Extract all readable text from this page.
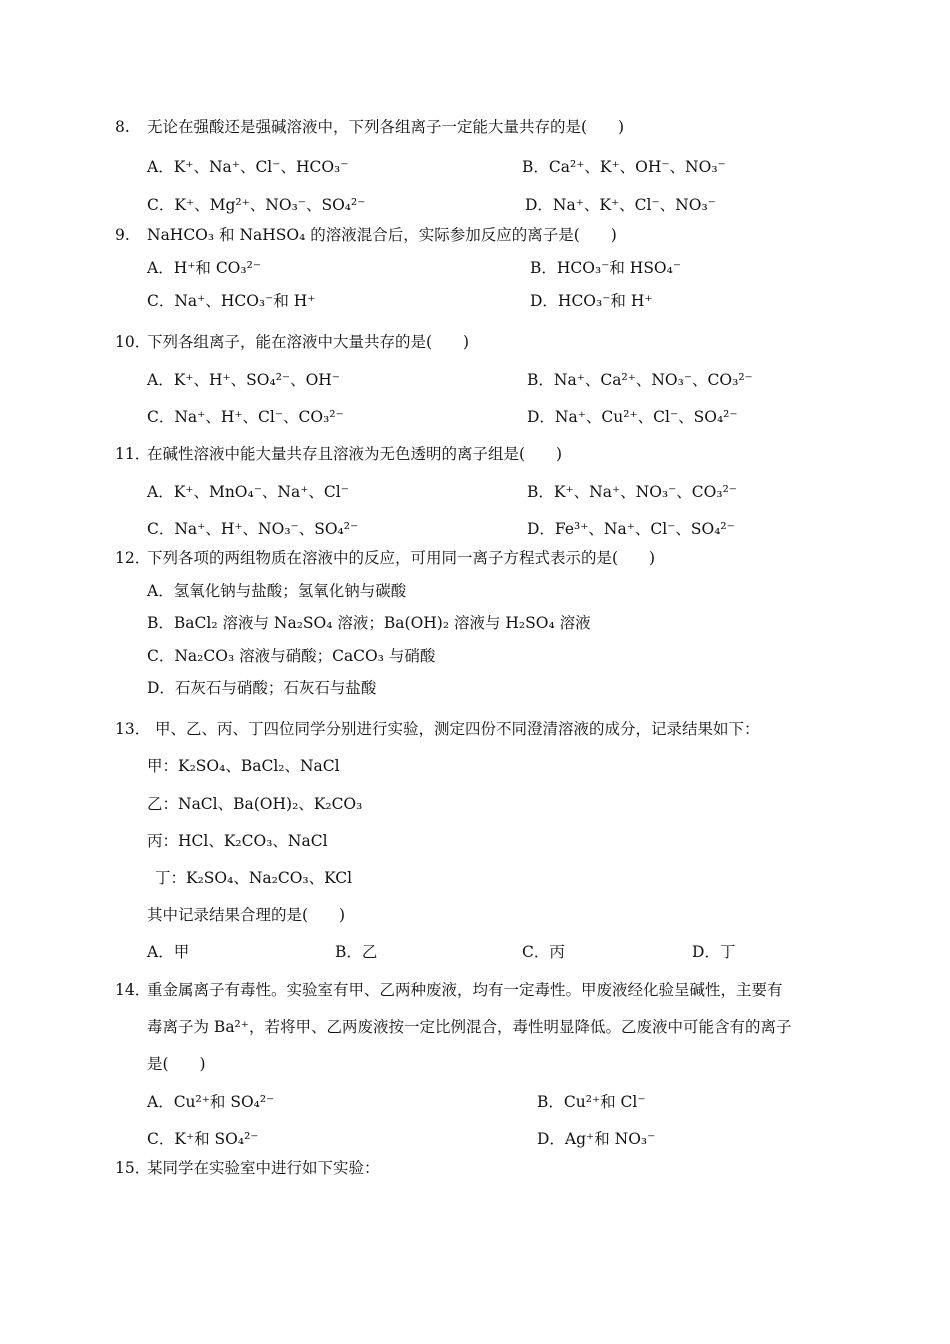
8. 无论在强酸还是强碱溶液中，下列各组离子一定能大量共存的是(　　)
A．K⁺、Na⁺、Cl⁻、HCO₃⁻	B．Ca²⁺、K⁺、OH⁻、NO₃⁻
C．K⁺、Mg²⁺、NO₃⁻、SO₄²⁻	D．Na⁺、K⁺、Cl⁻、NO₃⁻
9. NaHCO₃ 和 NaHSO₄ 的溶液混合后，实际参加反应的离子是(　　)
A．H⁺和 CO₃²⁻	B．HCO₃⁻和 HSO₄⁻
C．Na⁺、HCO₃⁻和 H⁺	D．HCO₃⁻和 H⁺
10．
下列各组离子，能在溶液中大量共存的是(　　)
A．K⁺、H⁺、SO₄²⁻、OH⁻	B．Na⁺、Ca²⁺、NO₃⁻、CO₃²⁻
C．Na⁺、H⁺、Cl⁻、CO₃²⁻	D．Na⁺、Cu²⁺、Cl⁻、SO₄²⁻
11．
在碱性溶液中能大量共存且溶液为无色透明的离子组是(　　)
A．K⁺、MnO₄⁻、Na⁺、Cl⁻	B．K⁺、Na⁺、NO₃⁻、CO₃²⁻
C．Na⁺、H⁺、NO₃⁻、SO₄²⁻	D．Fe³⁺、Na⁺、Cl⁻、SO₄²⁻
12．
下列各项的两组物质在溶液中的反应，可用同一离子方程式表示的是(　　)
A．氢氧化钠与盐酸；氢氧化钠与碳酸
B．BaCl₂ 溶液与 Na₂SO₄ 溶液；Ba(OH)₂ 溶液与 H₂SO₄ 溶液
C．Na₂CO₃ 溶液与硝酸；CaCO₃ 与硝酸
D．石灰石与硝酸；石灰石与盐酸
13． 甲、乙、丙、丁四位同学分别进行实验，测定四份不同澄清溶液的成分，记录结果如下：
甲：K₂SO₄、BaCl₂、NaCl
乙：NaCl、Ba(OH)₂、K₂CO₃
丙：HCl、K₂CO₃、NaCl
丁：K₂SO₄、Na₂CO₃、KCl
其中记录结果合理的是(　　)
A．甲	B．乙	C．丙	D．丁
14．
重金属离子有毒性。实验室有甲、乙两种废液，均有一定毒性。甲废液经化验呈碱性，主要有
毒离子为 Ba²⁺，若将甲、乙两废液按一定比例混合，毒性明显降低。乙废液中可能含有的离子
是(　　)
A．Cu²⁺和 SO₄²⁻	B．Cu²⁺和 Cl⁻
C．K⁺和 SO₄²⁻	D．Ag⁺和 NO₃⁻
15．
某同学在实验室中进行如下实验：
